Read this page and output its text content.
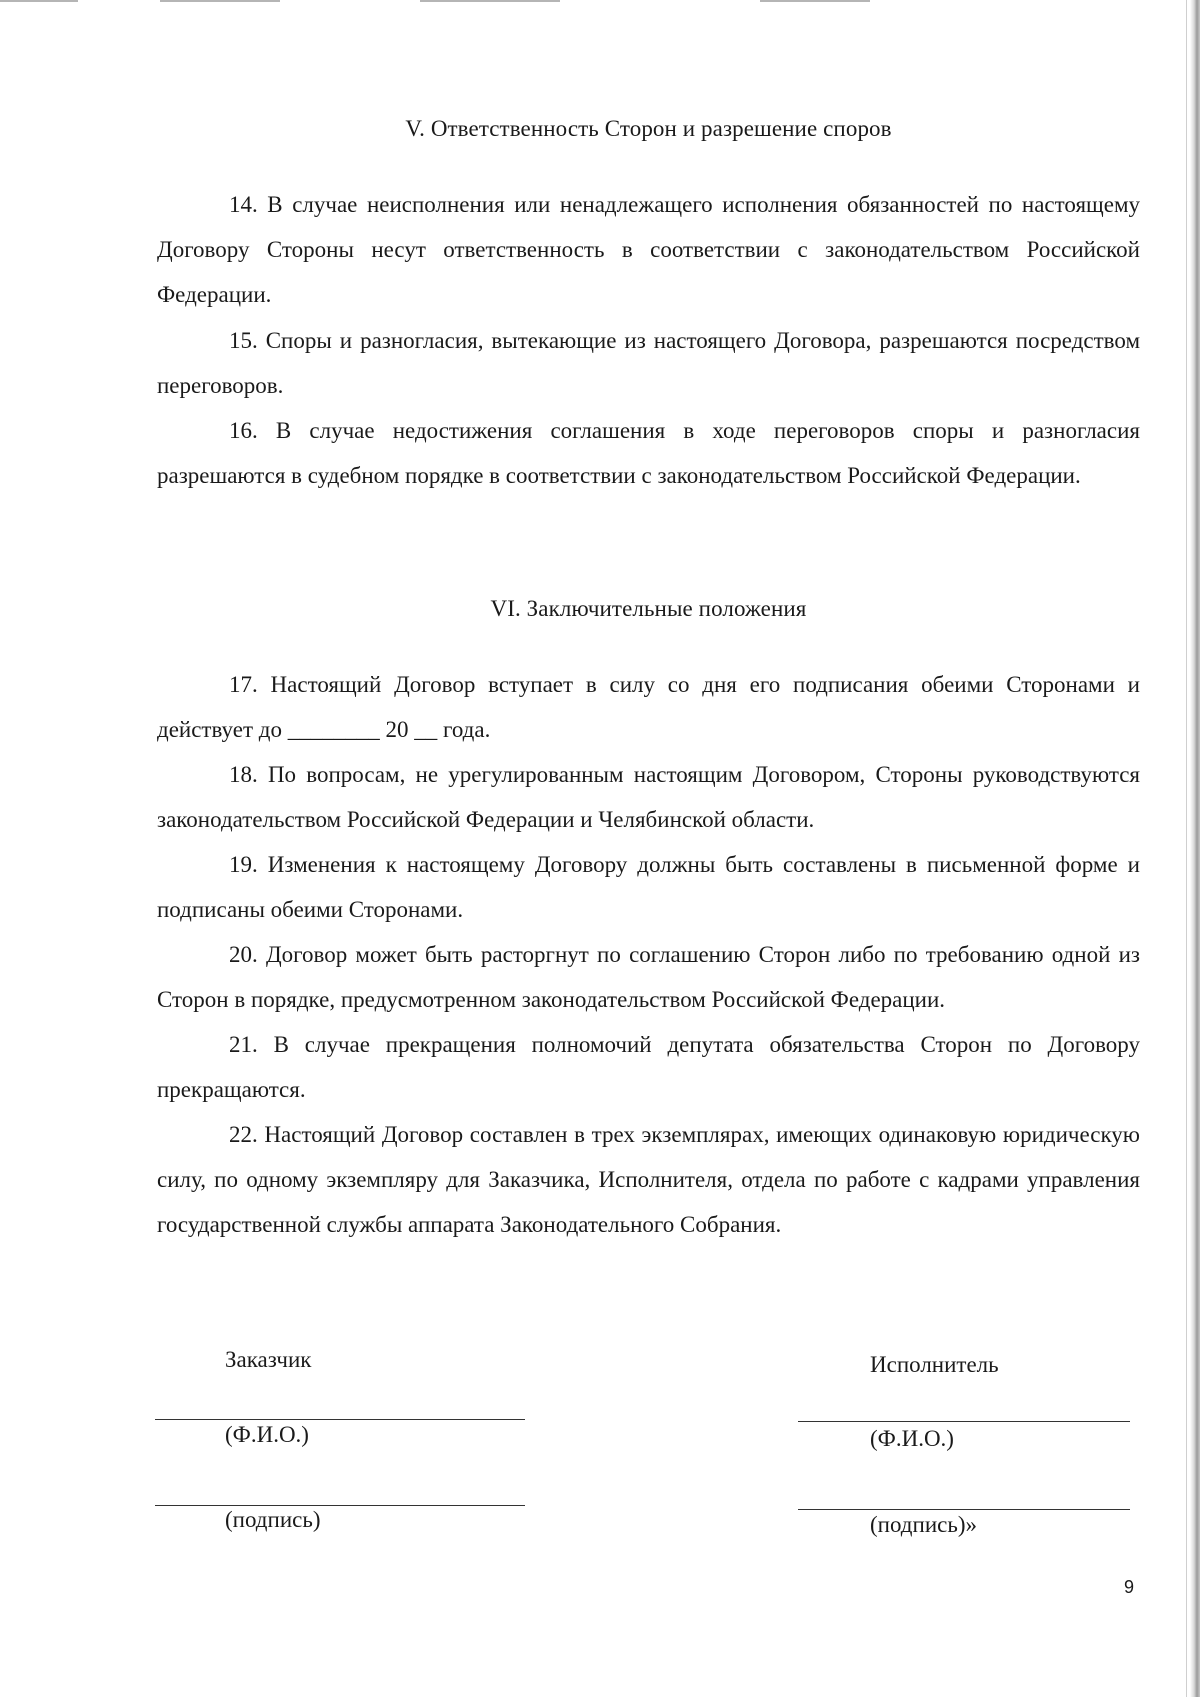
V. Ответственность Сторон и разрешение споров

14. В случае неисполнения или ненадлежащего исполнения обязанностей по настоящему Договору Стороны несут ответственность в соответствии с законодательством Российской Федерации.

15. Споры и разногласия, вытекающие из настоящего Договора, разрешаются посредством переговоров.

16. В случае недостижения соглашения в ходе переговоров споры и разногласия разрешаются в судебном порядке в соответствии с законодательством Российской Федерации.

VI. Заключительные положения

17. Настоящий Договор вступает в силу со дня его подписания обеими Сторонами и действует до ________ 20 __ года.

18. По вопросам, не урегулированным настоящим Договором, Стороны руководствуются законодательством Российской Федерации и Челябинской области.

19. Изменения к настоящему Договору должны быть составлены в письменной форме и подписаны обеими Сторонами.

20. Договор может быть расторгнут по соглашению Сторон либо по требованию одной из Сторон в порядке, предусмотренном законодательством Российской Федерации.

21. В случае прекращения полномочий депутата обязательства Сторон по Договору прекращаются.

22. Настоящий Договор составлен в трех экземплярах, имеющих одинаковую юридическую силу, по одному экземпляру для Заказчика, Исполнителя, отдела по работе с кадрами управления государственной службы аппарата Законодательного Собрания.

Заказчик
(Ф.И.О.)
(подпись)
Исполнитель
(Ф.И.О.)
(подпись)»
9
